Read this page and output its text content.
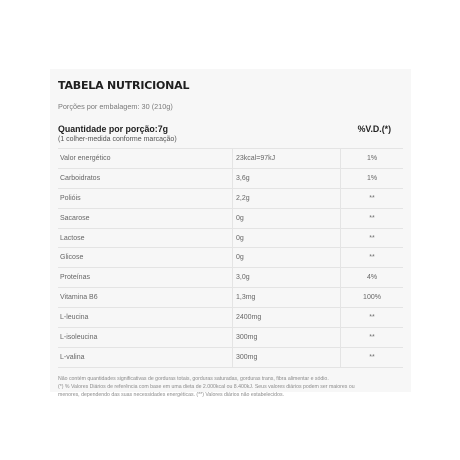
TABELA NUTRICIONAL
Porções por embalagem: 30 (210g)
Quantidade por porção:7g	%V.D.(*)
(1 colher-medida conforme marcação)
Valor energético	23kcal=97kJ	1%
Carboidratos	3,6g	1%
Polióis	2,2g	**
Sacarose	0g	**
Lactose	0g	**
Glicose	0g	**
Proteínas	3,0g	4%
Vitamina B6	1,3mg	100%
L-leucina	2400mg	**
L-isoleucina	300mg	**
L-valina	300mg	**
Não contém quantidades significativas de gorduras totais, gorduras saturadas, gorduras trans, fibra alimentar e sódio.
(*) % Valores Diários de referência com base em uma dieta de 2.000kcal ou 8.400kJ. Seus valores diários podem ser maiores ou
menores, dependendo das suas necessidades energéticas. (**) Valores diários não estabelecidos.
